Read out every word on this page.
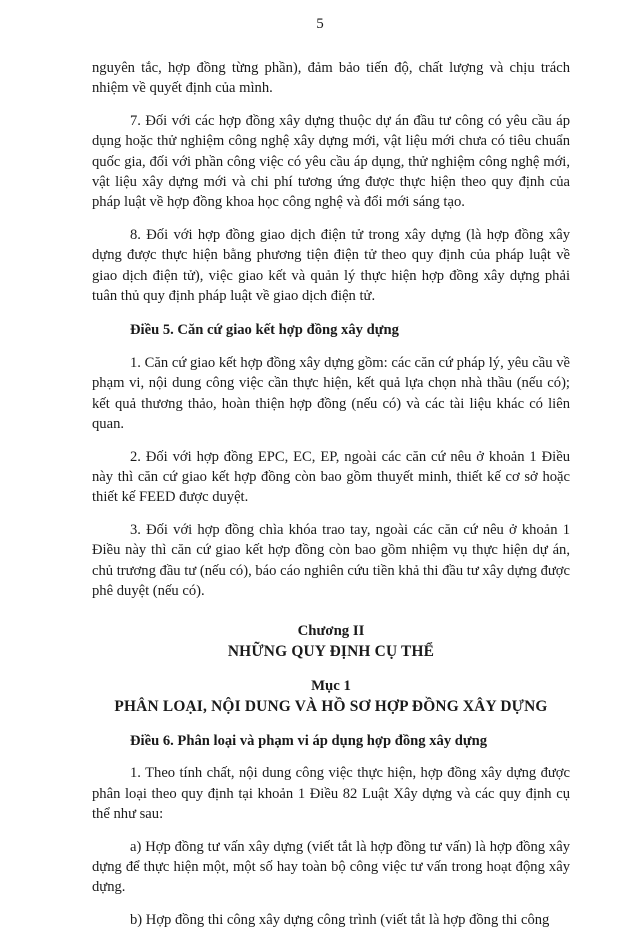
5

nguyên tắc, hợp đồng từng phần), đảm bảo tiến độ, chất lượng và chịu trách nhiệm về quyết định của mình.

7. Đối với các hợp đồng xây dựng thuộc dự án đầu tư công có yêu cầu áp dụng hoặc thử nghiệm công nghệ xây dựng mới, vật liệu mới chưa có tiêu chuẩn quốc gia, đối với phần công việc có yêu cầu áp dụng, thử nghiệm công nghệ mới, vật liệu xây dựng mới và chi phí tương ứng được thực hiện theo quy định của pháp luật về hợp đồng khoa học công nghệ và đổi mới sáng tạo.

8. Đối với hợp đồng giao dịch điện tử trong xây dựng (là hợp đồng xây dựng được thực hiện bằng phương tiện điện tử theo quy định của pháp luật về giao dịch điện tử), việc giao kết và quản lý thực hiện hợp đồng xây dựng phải tuân thủ quy định pháp luật về giao dịch điện tử.

Điều 5. Căn cứ giao kết hợp đồng xây dựng

1. Căn cứ giao kết hợp đồng xây dựng gồm: các căn cứ pháp lý, yêu cầu về phạm vi, nội dung công việc cần thực hiện, kết quả lựa chọn nhà thầu (nếu có); kết quả thương thảo, hoàn thiện hợp đồng (nếu có) và các tài liệu khác có liên quan.

2. Đối với hợp đồng EPC, EC, EP, ngoài các căn cứ nêu ở khoản 1 Điều này thì căn cứ giao kết hợp đồng còn bao gồm thuyết minh, thiết kế cơ sở hoặc thiết kế FEED được duyệt.

3. Đối với hợp đồng chìa khóa trao tay, ngoài các căn cứ nêu ở khoản 1 Điều này thì căn cứ giao kết hợp đồng còn bao gồm nhiệm vụ thực hiện dự án, chủ trương đầu tư (nếu có), báo cáo nghiên cứu tiền khả thi đầu tư xây dựng được phê duyệt (nếu có).

Chương II

NHỮNG QUY ĐỊNH CỤ THỂ

Mục 1

PHÂN LOẠI, NỘI DUNG VÀ HỒ SƠ HỢP ĐỒNG XÂY DỰNG

Điều 6. Phân loại và phạm vi áp dụng hợp đồng xây dựng

1. Theo tính chất, nội dung công việc thực hiện, hợp đồng xây dựng được phân loại theo quy định tại khoản 1 Điều 82 Luật Xây dựng và các quy định cụ thể như sau:

a) Hợp đồng tư vấn xây dựng (viết tắt là hợp đồng tư vấn) là hợp đồng xây dựng để thực hiện một, một số hay toàn bộ công việc tư vấn trong hoạt động xây dựng.

b) Hợp đồng thi công xây dựng công trình (viết tắt là hợp đồng thi công
